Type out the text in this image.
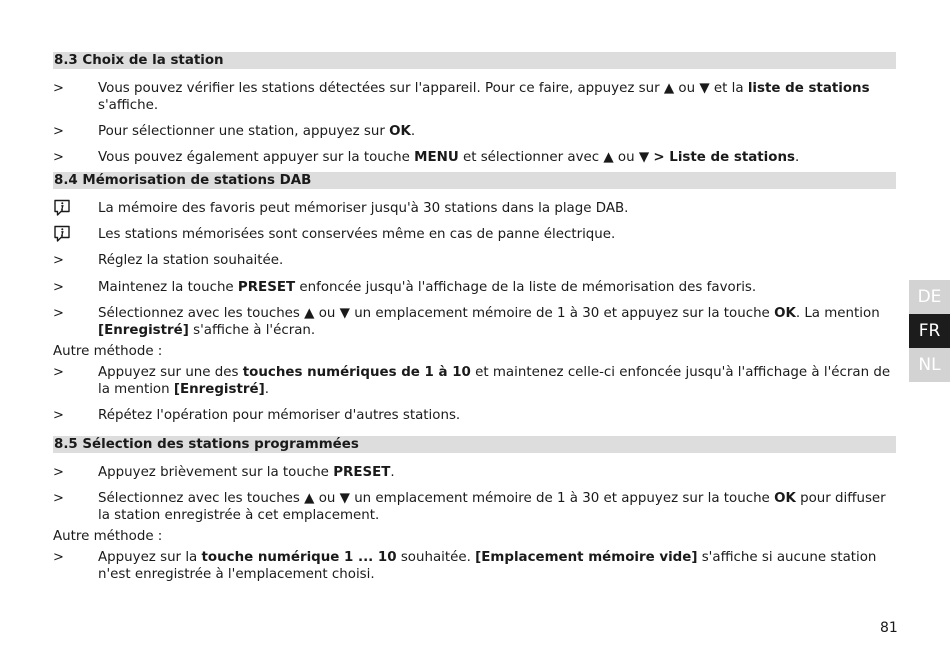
8.3 Choix de la station
>	Vous pouvez vérifier les stations détectées sur l'appareil. Pour ce faire, appuyez sur ▲ ou ▼ et la liste de stations s'affiche.
>	Pour sélectionner une station, appuyez sur OK.
>	Vous pouvez également appuyer sur la touche MENU et sélectionner avec ▲ ou ▼ > Liste de stations.
8.4 Mémorisation de stations DAB
La mémoire des favoris peut mémoriser jusqu'à 30 stations dans la plage DAB.
Les stations mémorisées sont conservées même en cas de panne électrique.
>	Réglez la station souhaitée.
>	Maintenez la touche PRESET enfoncée jusqu'à l'affichage de la liste de mémorisation des favoris.
>	Sélectionnez avec les touches ▲ ou ▼ un emplacement mémoire de 1 à 30 et appuyez sur la touche OK. La mention [Enregistré] s'affiche à l'écran.
Autre méthode :
>	Appuyez sur une des touches numériques de 1 à 10 et maintenez celle-ci enfoncée jusqu'à l'affichage à l'écran de la mention [Enregistré].
>	Répétez l'opération pour mémoriser d'autres stations.
8.5 Sélection des stations programmées
>	Appuyez brièvement sur la touche PRESET.
>	Sélectionnez avec les touches ▲ ou ▼ un emplacement mémoire de 1 à 30 et appuyez sur la touche OK pour diffuser la station enregistrée à cet emplacement.
Autre méthode :
>	Appuyez sur la touche numérique 1 ... 10 souhaitée. [Emplacement mémoire vide] s'affiche si aucune station n'est enregistrée à l'emplacement choisi.
DE
FR
NL
81
